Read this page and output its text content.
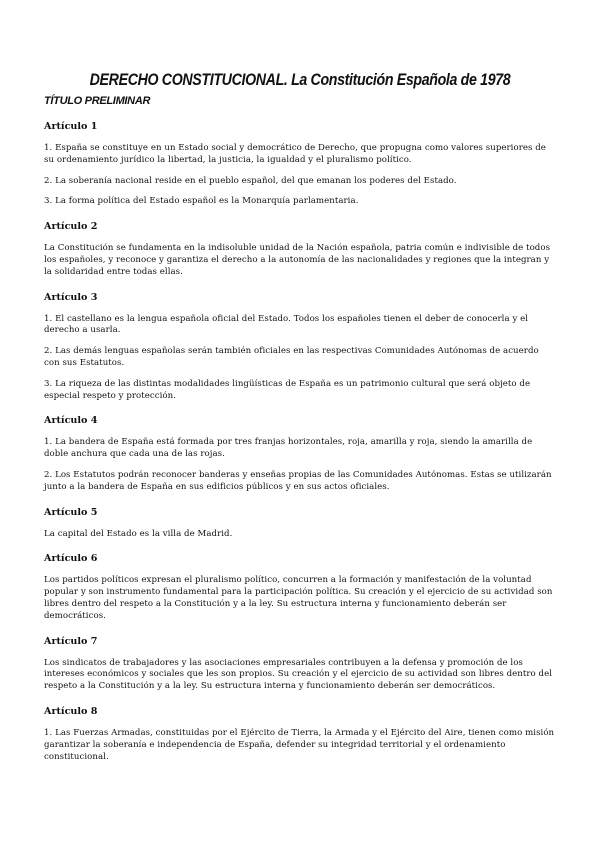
DERECHO CONSTITUCIONAL. La Constitución Española de 1978
TÍTULO PRELIMINAR
Artículo 1

1. España se constituye en un Estado social y democrático de Derecho, que propugna como valores superiores de su ordenamiento jurídico la libertad, la justicia, la igualdad y el pluralismo político.

2. La soberanía nacional reside en el pueblo español, del que emanan los poderes del Estado.

3. La forma política del Estado español es la Monarquía parlamentaria.

Artículo 2

La Constitución se fundamenta en la indisoluble unidad de la Nación española, patria común e indivisible de todos los españoles, y reconoce y garantiza el derecho a la autonomía de las nacionalidades y regiones que la integran y la solidaridad entre todas ellas.

Artículo 3

1. El castellano es la lengua española oficial del Estado. Todos los españoles tienen el deber de conocerla y el derecho a usarla.

2. Las demás lenguas españolas serán también oficiales en las respectivas Comunidades Autónomas de acuerdo con sus Estatutos.

3. La riqueza de las distintas modalidades lingüísticas de España es un patrimonio cultural que será objeto de especial respeto y protección.

Artículo 4

1. La bandera de España está formada por tres franjas horizontales, roja, amarilla y roja, siendo la amarilla de doble anchura que cada una de las rojas.

2. Los Estatutos podrán reconocer banderas y enseñas propias de las Comunidades Autónomas. Estas se utilizarán junto a la bandera de España en sus edificios públicos y en sus actos oficiales.

Artículo 5

La capital del Estado es la villa de Madrid.

Artículo 6

Los partidos políticos expresan el pluralismo político, concurren a la formación y manifestación de la voluntad popular y son instrumento fundamental para la participación política. Su creación y el ejercicio de su actividad son libres dentro del respeto a la Constitución y a la ley. Su estructura interna y funcionamiento deberán ser democráticos.

Artículo 7

Los sindicatos de trabajadores y las asociaciones empresariales contribuyen a la defensa y promoción de los intereses económicos y sociales que les son propios. Su creación y el ejercicio de su actividad son libres dentro del respeto a la Constitución y a la ley. Su estructura interna y funcionamiento deberán ser democráticos.

Artículo 8

1. Las Fuerzas Armadas, constituidas por el Ejército de Tierra, la Armada y el Ejército del Aire, tienen como misión garantizar la soberanía e independencia de España, defender su integridad territorial y el ordenamiento constitucional.
